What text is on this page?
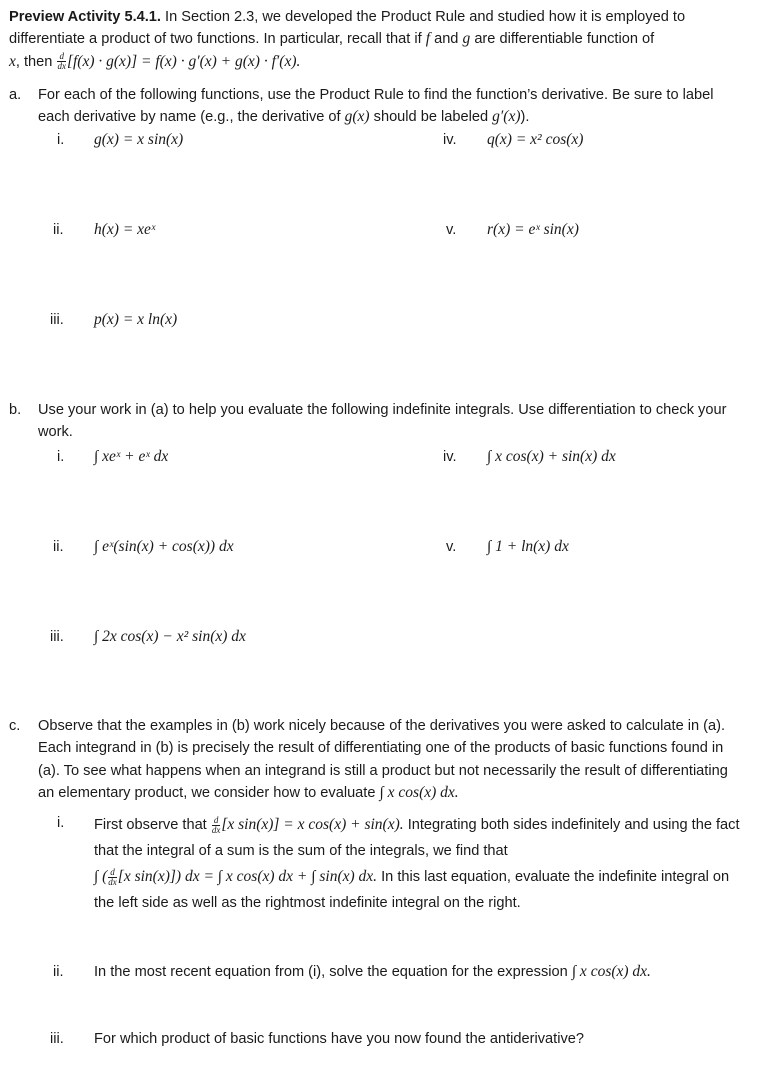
Preview Activity 5.4.1. In Section 2.3, we developed the Product Rule and studied how it is employed to differentiate a product of two functions. In particular, recall that if f and g are differentiable function of
x, then $\frac{d}{dx} [f(x) \cdot g(x)] = f(x) \cdot g'(x) + g(x) \cdot f'(x)$.
a. For each of the following functions, use the Product Rule to find the function’s derivative. Be sure to label each derivative by name (e.g., the derivative of g(x) should be labeled g′(x)).
i. g(x) = x sin(x)	iv. q(x) = x² cos(x)
ii. h(x) = xeˣ	v. r(x) = eˣ sin(x)
iii. p(x) = x ln(x)
b. Use your work in (a) to help you evaluate the following indefinite integrals. Use differentiation to check your work.
i. ∫ xeˣ + eˣ dx	iv. ∫ x cos(x) + sin(x) dx
ii. ∫ eˣ(sin(x) + cos(x)) dx	v. ∫ 1 + ln(x) dx
iii. ∫ 2x cos(x) − x² sin(x) dx
c. Observe that the examples in (b) work nicely because of the derivatives you were asked to calculate in (a). Each integrand in (b) is precisely the result of differentiating one of the products of basic functions found in (a). To see what happens when an integrand is still a product but not necessarily the result of differentiating an elementary product, we consider how to evaluate ∫ x cos(x) dx.
i. First observe that $\frac{d}{dx} [x$ sin(x)] = x cos(x) + sin(x). Integrating both sides indefinitely and using the fact that the integral of a sum is the sum of the integrals, we find that
∫ ( $\frac{d}{dx} [x$ sin(x)]) dx = ∫ x cos(x) dx + ∫ sin(x) dx. In this last equation, evaluate the indefinite integral on the left side as well as the rightmost indefinite integral on the right.
ii. In the most recent equation from (i), solve the equation for the expression ∫ x cos(x) dx.
iii. For which product of basic functions have you now found the antiderivative?
